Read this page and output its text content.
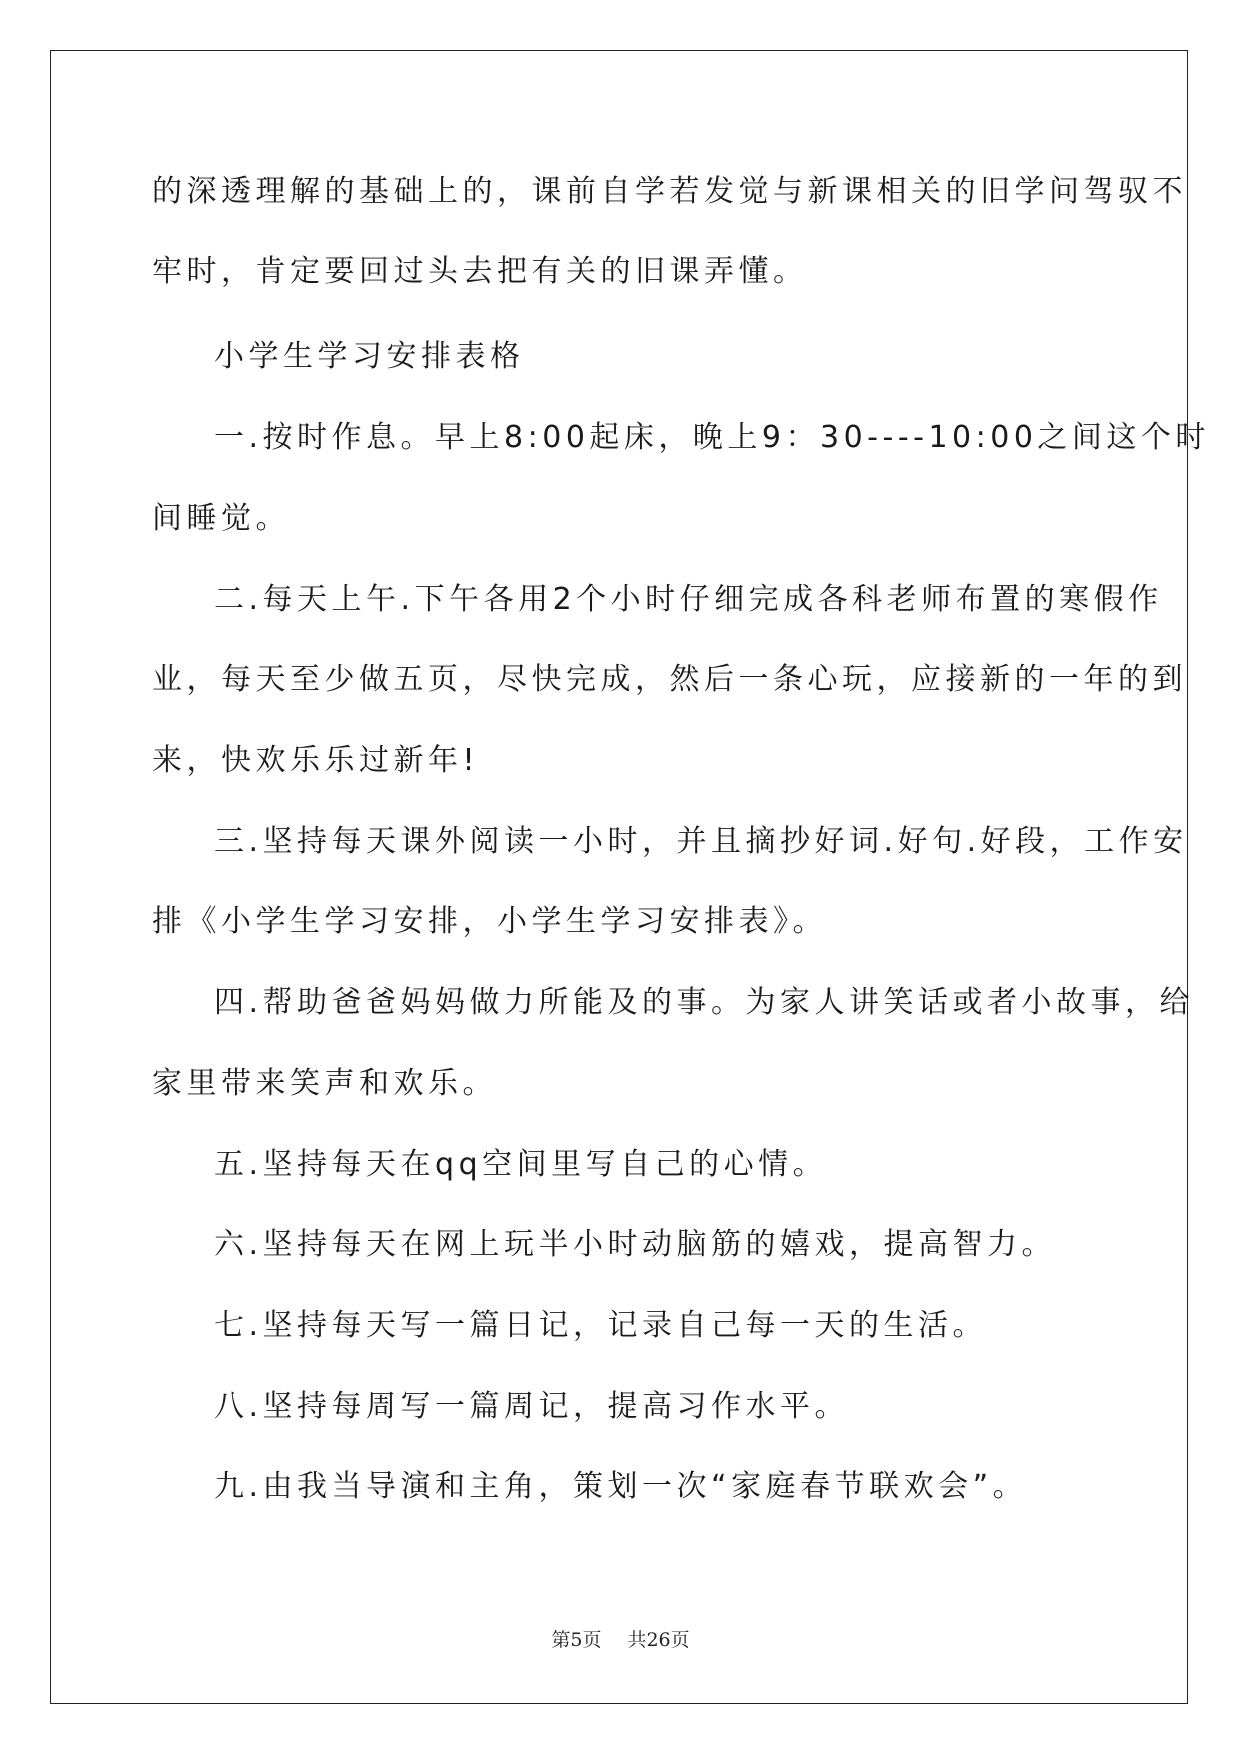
的深透理解的基础上的，课前自学若发觉与新课相关的旧学问驾驭不
牢时，肯定要回过头去把有关的旧课弄懂。
小学生学习安排表格
一.按时作息。早上8:00起床，晚上9：30----10:00之间这个时
间睡觉。
二.每天上午.下午各用2个小时仔细完成各科老师布置的寒假作
业，每天至少做五页，尽快完成，然后一条心玩，应接新的一年的到
来，快欢乐乐过新年!
三.坚持每天课外阅读一小时，并且摘抄好词.好句.好段，工作安
排《小学生学习安排，小学生学习安排表》。
四.帮助爸爸妈妈做力所能及的事。为家人讲笑话或者小故事，给
家里带来笑声和欢乐。
五.坚持每天在qq空间里写自己的心情。
六.坚持每天在网上玩半小时动脑筋的嬉戏，提高智力。
七.坚持每天写一篇日记，记录自己每一天的生活。
八.坚持每周写一篇周记，提高习作水平。
九.由我当导演和主角，策划一次“家庭春节联欢会”。
第5页 共26页
